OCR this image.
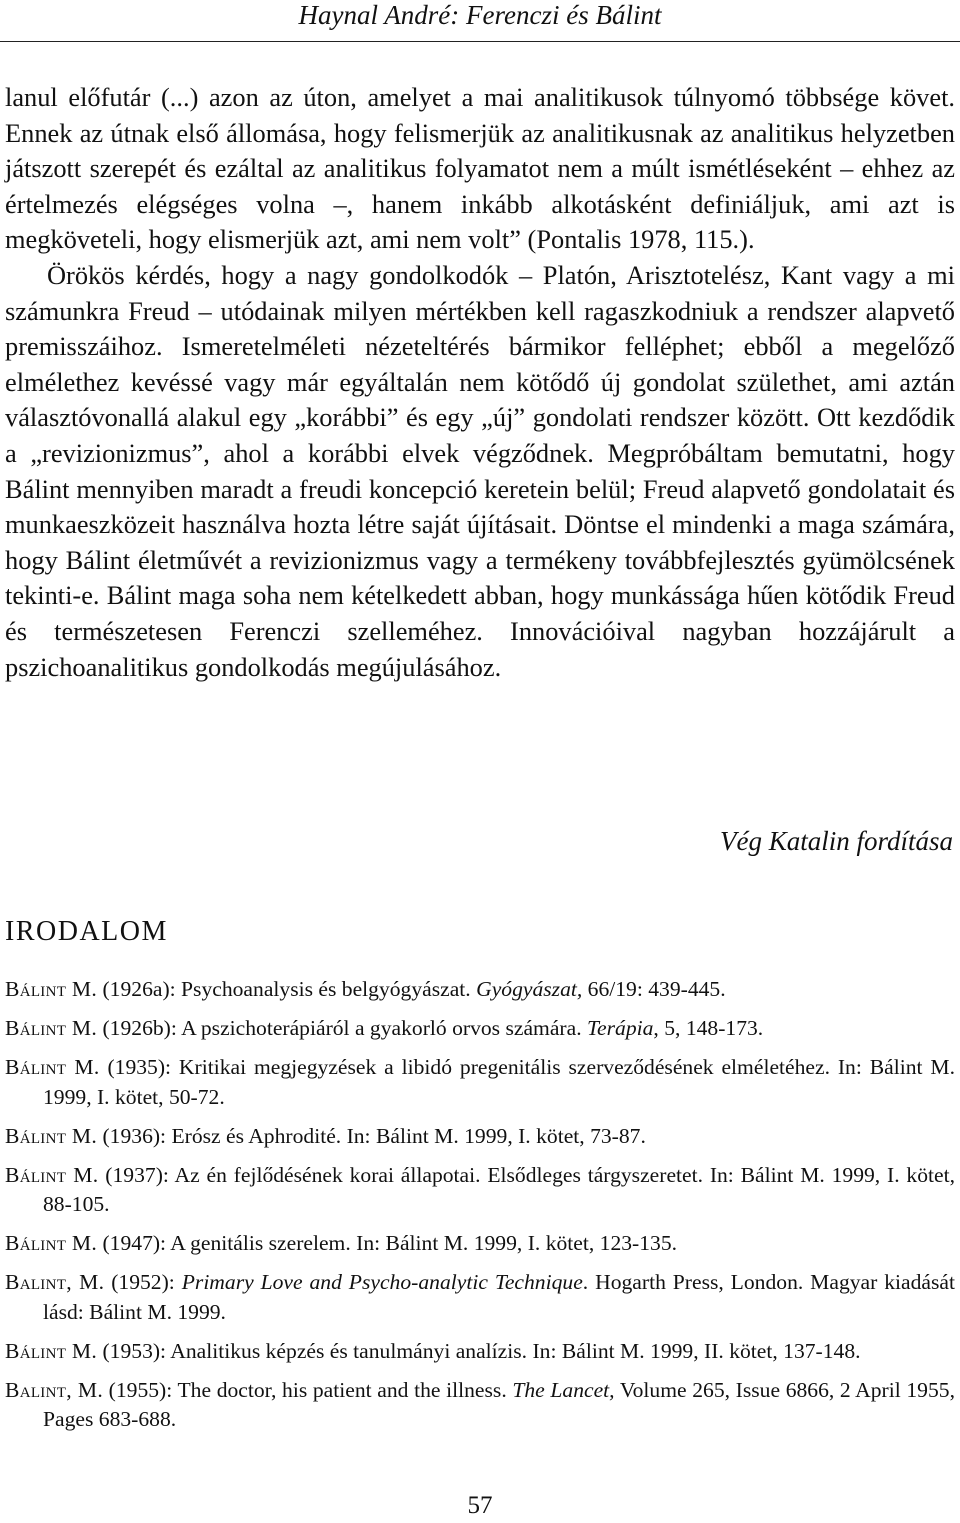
Haynal André: Ferenczi és Bálint

lanul előfutár (...) azon az úton, amelyet a mai analitikusok túlnyomó többsége követ. Ennek az útnak első állomása, hogy felismerjük az analitikusnak az analitikus helyzetben játszott szerepét és ezáltal az analitikus folyamatot nem a múlt ismétléseként – ehhez az értelmezés elégséges volna –, hanem inkább alkotásként definiáljuk, ami azt is megköveteli, hogy elismerjük azt, ami nem volt” (Pontalis 1978, 115.).

Örökös kérdés, hogy a nagy gondolkodók – Platón, Arisztotelész, Kant vagy a mi számunkra Freud – utódainak milyen mértékben kell ragaszkodniuk a rendszer alapvető premisszáihoz. Ismeretelméleti nézeteltérés bármikor felléphet; ebből a megelőző elmélethez kevéssé vagy már egyáltalán nem kötődő új gondolat születhet, ami aztán választóvonallá alakul egy „korábbi” és egy „új” gondolati rendszer között. Ott kezdődik a „revizionizmus”, ahol a korábbi elvek végződnek. Megpróbáltam bemutatni, hogy Bálint mennyiben maradt a freudi koncepció keretein belül; Freud alapvető gondolatait és munkaeszközeit használva hozta létre saját újításait. Döntse el mindenki a maga számára, hogy Bálint életművét a revizionizmus vagy a termékeny továbbfejlesztés gyümölcsének tekinti-e. Bálint maga soha nem kételkedett abban, hogy munkássága hűen kötődik Freud és természetesen Ferenczi szelleméhez. Innovációival nagyban hozzájárult a pszichoanalitikus gondolkodás megújulásához.

Vég Katalin fordítása
IRODALOM
Bálint M. (1926a): Psychoanalysis és belgyógyászat. Gyógyászat, 66/19: 439-445.
Bálint M. (1926b): A pszichoterápiáról a gyakorló orvos számára. Terápia, 5, 148-173.
Bálint M. (1935): Kritikai megjegyzések a libidó pregenitális szerveződésének elméletéhez. In: Bálint M. 1999, I. kötet, 50-72.
Bálint M. (1936): Erósz és Aphrodité. In: Bálint M. 1999, I. kötet, 73-87.
Bálint M. (1937): Az én fejlődésének korai állapotai. Elsődleges tárgyszeretet. In: Bálint M. 1999, I. kötet, 88-105.
Bálint M. (1947): A genitális szerelem. In: Bálint M. 1999, I. kötet, 123-135.
Balint, M. (1952): Primary Love and Psycho-analytic Technique. Hogarth Press, London. Magyar kiadását lásd: Bálint M. 1999.
Bálint M. (1953): Analitikus képzés és tanulmányi analízis. In: Bálint M. 1999, II. kötet, 137-148.
Balint, M. (1955): The doctor, his patient and the illness. The Lancet, Volume 265, Issue 6866, 2 April 1955, Pages 683-688.
57
